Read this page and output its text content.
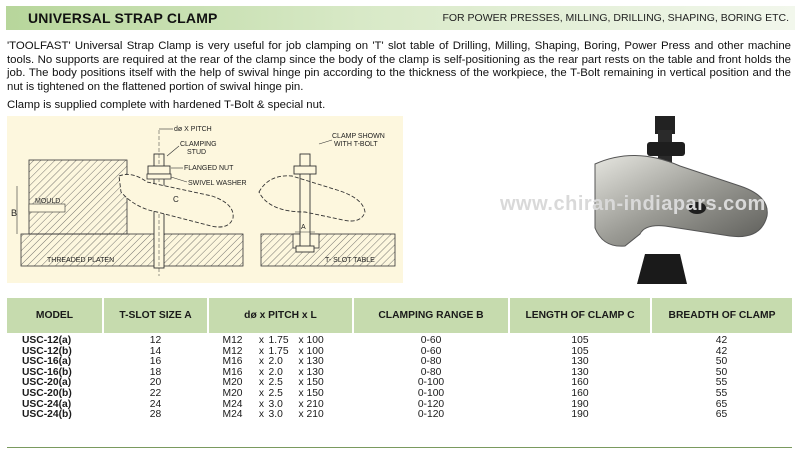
UNIVERSAL STRAP CLAMP	FOR POWER PRESSES, MILLING, DRILLING, SHAPING, BORING ETC.
'TOOLFAST' Universal Strap Clamp is very useful for job clamping on 'T' slot table of Drilling, Milling, Shaping, Boring, Power Press and other machine tools. No supports are required at the rear of the clamp since the body of the clamp is self-positioning as the rear part rests on the table and front holds the job. The body positions itself with the help of swival hinge pin according to the thickness of the workpiece, the T-Bolt remaining in vertical position and the nut is tightened on the flattened portion of swival hinge pin.
Clamp is supplied complete with hardened T-Bolt & special nut.
dø X PITCH
CLAMPING
STUD
FLANGED NUT
SWIVEL WASHER
MOULD
B
C
THREADED PLATEN
CLAMP SHOWN
WITH T-BOLT
A
T- SLOT TABLE
www.chiran-indiapars.com
MODEL	T-SLOT SIZE A	dø x PITCH x L	CLAMPING RANGE B	LENGTH OF CLAMP C	BREADTH OF CLAMP
USC-12(a)	12	M12 x 1.75 x 100	0-60	105	42
USC-12(b)	14	M12 x 1.75 x 100	0-60	105	42
USC-16(a)	16	M16 x 2.0 x 130	0-80	130	50
USC-16(b)	18	M16 x 2.0 x 130	0-80	130	50
USC-20(a)	20	M20 x 2.5 x 150	0-100	160	55
USC-20(b)	22	M20 x 2.5 x 150	0-100	160	55
USC-24(a)	24	M24 x 3.0 x 210	0-120	190	65
USC-24(b)	28	M24 x 3.0 x 210	0-120	190	65
